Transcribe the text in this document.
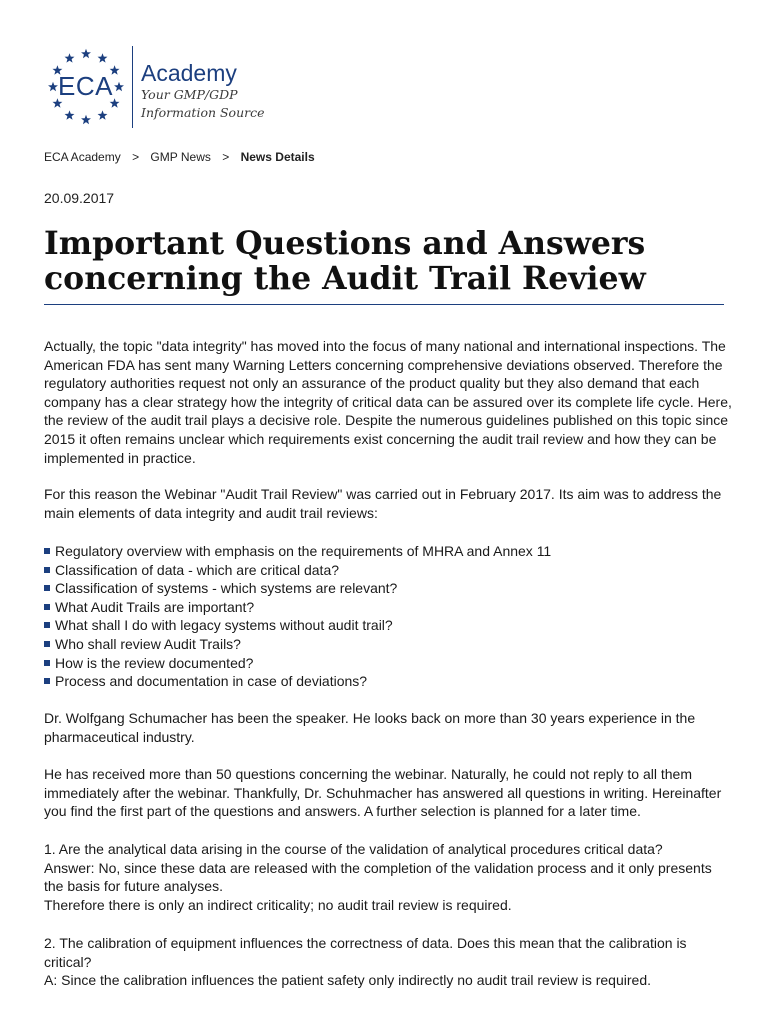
ECA Academy
Your GMP/GDP
Information Source
ECA Academy > GMP News > News Details
20.09.2017
Important Questions and Answers concerning the Audit Trail Review

Actually, the topic "data integrity" has moved into the focus of many national and international inspections. The American FDA has sent many Warning Letters concerning comprehensive deviations observed. Therefore the regulatory authorities request not only an assurance of the product quality but they also demand that each company has a clear strategy how the integrity of critical data can be assured over its complete life cycle. Here, the review of the audit trail plays a decisive role. Despite the numerous guidelines published on this topic since 2015 it often remains unclear which requirements exist concerning the audit trail review and how they can be implemented in practice.

For this reason the Webinar "Audit Trail Review" was carried out in February 2017. Its aim was to address the main elements of data integrity and audit trail reviews:

Regulatory overview with emphasis on the requirements of MHRA and Annex 11
Classification of data - which are critical data?
Classification of systems - which systems are relevant?
What Audit Trails are important?
What shall I do with legacy systems without audit trail?
Who shall review Audit Trails?
How is the review documented?
Process and documentation in case of deviations?

Dr. Wolfgang Schumacher has been the speaker. He looks back on more than 30 years experience in the pharmaceutical industry.

He has received more than 50 questions concerning the webinar. Naturally, he could not reply to all them immediately after the webinar. Thankfully, Dr. Schuhmacher has answered all questions in writing. Hereinafter you find the first part of the questions and answers. A further selection is planned for a later time.

1. Are the analytical data arising in the course of the validation of analytical procedures critical data?
Answer: No, since these data are released with the completion of the validation process and it only presents the basis for future analyses.
Therefore there is only an indirect criticality; no audit trail review is required.

2. The calibration of equipment influences the correctness of data. Does this mean that the calibration is critical?
A: Since the calibration influences the patient safety only indirectly no audit trail review is required.
